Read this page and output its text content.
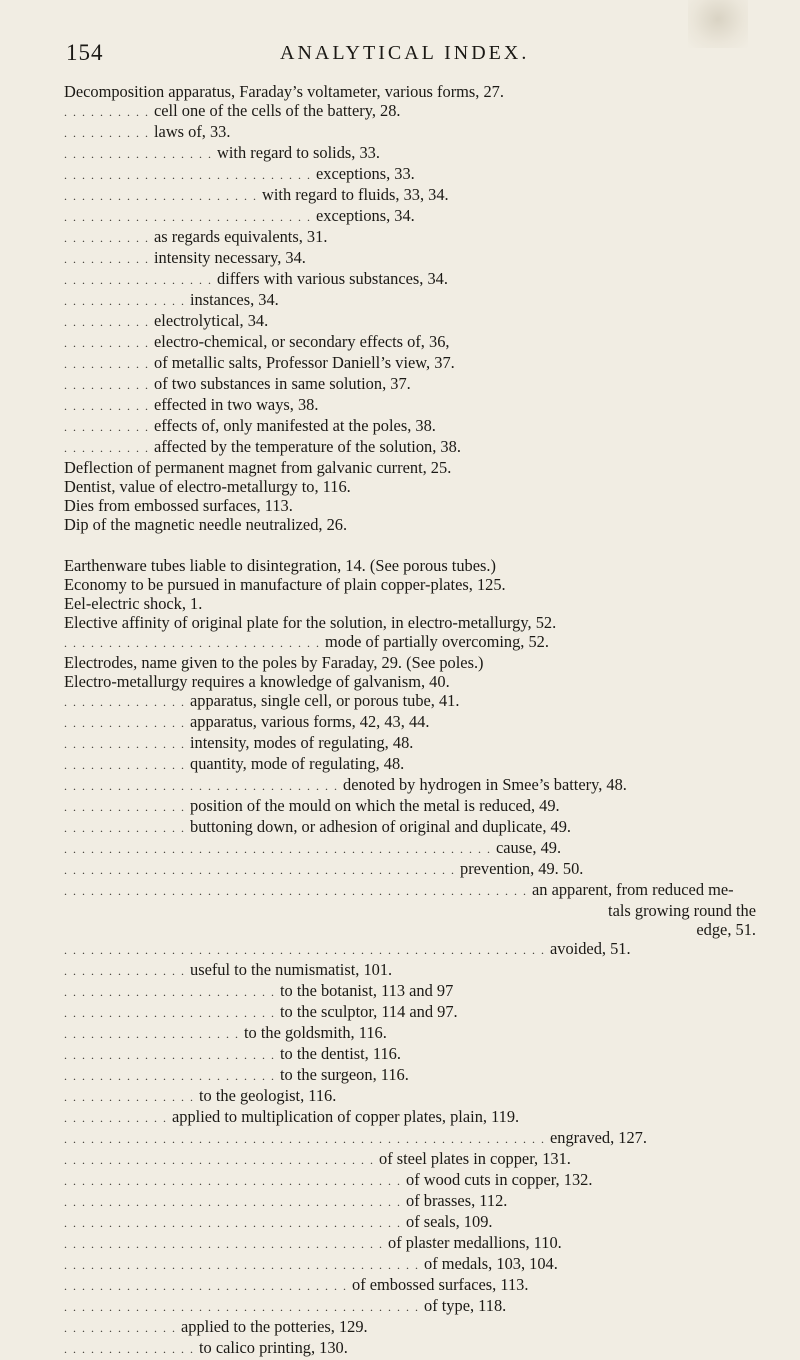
154	ANALYTICAL INDEX.
Decomposition apparatus, Faraday’s voltameter, various forms, 27.
. . . . . . . . . . cell one of the cells of the battery, 28.
. . . . . . . . . . laws of, 33.
. . . . . . . . . . . . . . . . . with regard to solids, 33.
. . . . . . . . . . . . . . . . . . . . . . . . . . . . exceptions, 33.
. . . . . . . . . . . . . . . . . . . . . . with regard to fluids, 33, 34.
. . . . . . . . . . . . . . . . . . . . . . . . . . . . exceptions, 34.
. . . . . . . . . . as regards equivalents, 31.
. . . . . . . . . . intensity necessary, 34.
. . . . . . . . . . . . . . . . . differs with various substances, 34.
. . . . . . . . . . . . . . instances, 34.
. . . . . . . . . . electrolytical, 34.
. . . . . . . . . . electro-chemical, or secondary effects of, 36,
. . . . . . . . . . of metallic salts, Professor Daniell’s view, 37.
. . . . . . . . . . of two substances in same solution, 37.
. . . . . . . . . . effected in two ways, 38.
. . . . . . . . . . effects of, only manifested at the poles, 38.
. . . . . . . . . . affected by the temperature of the solution, 38.
Deflection of permanent magnet from galvanic current, 25.
Dentist, value of electro-metallurgy to, 116.
Dies from embossed surfaces, 113.
Dip of the magnetic needle neutralized, 26.
Earthenware tubes liable to disintegration, 14. (See porous tubes.)
Economy to be pursued in manufacture of plain copper-plates, 125.
Eel-electric shock, 1.
Elective affinity of original plate for the solution, in electro-metallurgy, 52.
. . . . . . . . . . . . . . . . . . . . . . . . . . . . . mode of partially overcoming, 52.
Electrodes, name given to the poles by Faraday, 29. (See poles.)
Electro-metallurgy requires a knowledge of galvanism, 40.
. . . . . . . . . . . . . . apparatus, single cell, or porous tube, 41.
. . . . . . . . . . . . . . apparatus, various forms, 42, 43, 44.
. . . . . . . . . . . . . . intensity, modes of regulating, 48.
. . . . . . . . . . . . . . quantity, mode of regulating, 48.
. . . . . . . . . . . . . . . . . . . . . . . . . . . . . . . denoted by hydrogen in Smee’s battery, 48.
. . . . . . . . . . . . . . position of the mould on which the metal is reduced, 49.
. . . . . . . . . . . . . . buttoning down, or adhesion of original and duplicate, 49.
. . . . . . . . . . . . . . . . . . . . . . . . . . . . . . . . . . . . . . . . . . . . . . . . cause, 49.
. . . . . . . . . . . . . . . . . . . . . . . . . . . . . . . . . . . . . . . . . . . . prevention, 49. 50.
. . . . . . . . . . . . . . . . . . . . . . . . . . . . . . . . . . . . . . . . . . . . . . . . . . . . an apparent, from reduced me-
tals growing round the
edge, 51.
. . . . . . . . . . . . . . . . . . . . . . . . . . . . . . . . . . . . . . . . . . . . . . . . . . . . . . avoided, 51.
. . . . . . . . . . . . . . useful to the numismatist, 101.
. . . . . . . . . . . . . . . . . . . . . . . . to the botanist, 113 and 97
. . . . . . . . . . . . . . . . . . . . . . . . to the sculptor, 114 and 97.
. . . . . . . . . . . . . . . . . . . . to the goldsmith, 116.
. . . . . . . . . . . . . . . . . . . . . . . . to the dentist, 116.
. . . . . . . . . . . . . . . . . . . . . . . . to the surgeon, 116.
. . . . . . . . . . . . . . . to the geologist, 116.
. . . . . . . . . . . . applied to multiplication of copper plates, plain, 119.
. . . . . . . . . . . . . . . . . . . . . . . . . . . . . . . . . . . . . . . . . . . . . . . . . . . . . . engraved, 127.
. . . . . . . . . . . . . . . . . . . . . . . . . . . . . . . . . . . of steel plates in copper, 131.
. . . . . . . . . . . . . . . . . . . . . . . . . . . . . . . . . . . . . . of wood cuts in copper, 132.
. . . . . . . . . . . . . . . . . . . . . . . . . . . . . . . . . . . . . . of brasses, 112.
. . . . . . . . . . . . . . . . . . . . . . . . . . . . . . . . . . . . . . of seals, 109.
. . . . . . . . . . . . . . . . . . . . . . . . . . . . . . . . . . . . of plaster medallions, 110.
. . . . . . . . . . . . . . . . . . . . . . . . . . . . . . . . . . . . . . . . of medals, 103, 104.
. . . . . . . . . . . . . . . . . . . . . . . . . . . . . . . . of embossed surfaces, 113.
. . . . . . . . . . . . . . . . . . . . . . . . . . . . . . . . . . . . . . . . of type, 118.
. . . . . . . . . . . . . applied to the potteries, 129.
. . . . . . . . . . . . . . . to calico printing, 130.
